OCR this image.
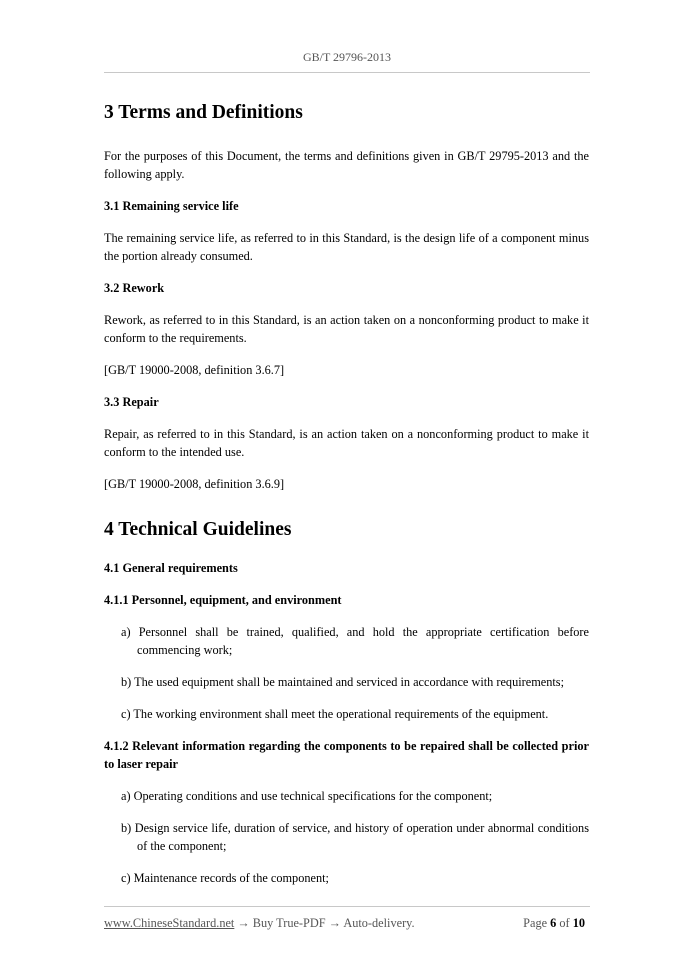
GB/T 29796-2013
3 Terms and Definitions

For the purposes of this Document, the terms and definitions given in GB/T 29795-2013 and the following apply.

3.1 Remaining service life

The remaining service life, as referred to in this Standard, is the design life of a component minus the portion already consumed.

3.2 Rework

Rework, as referred to in this Standard, is an action taken on a nonconforming product to make it conform to the requirements.

[GB/T 19000-2008, definition 3.6.7]

3.3 Repair

Repair, as referred to in this Standard, is an action taken on a nonconforming product to make it conform to the intended use.

[GB/T 19000-2008, definition 3.6.9]

4 Technical Guidelines
4.1 General requirements
4.1.1 Personnel, equipment, and environment

a) Personnel shall be trained, qualified, and hold the appropriate certification before commencing work;

b) The used equipment shall be maintained and serviced in accordance with requirements;

c) The working environment shall meet the operational requirements of the equipment.

4.1.2 Relevant information regarding the components to be repaired shall be collected prior to laser repair

a) Operating conditions and use technical specifications for the component;

b) Design service life, duration of service, and history of operation under abnormal conditions of the component;

c) Maintenance records of the component;

www.ChineseStandard.net → Buy True-PDF → Auto-delivery.	Page 6 of 10
